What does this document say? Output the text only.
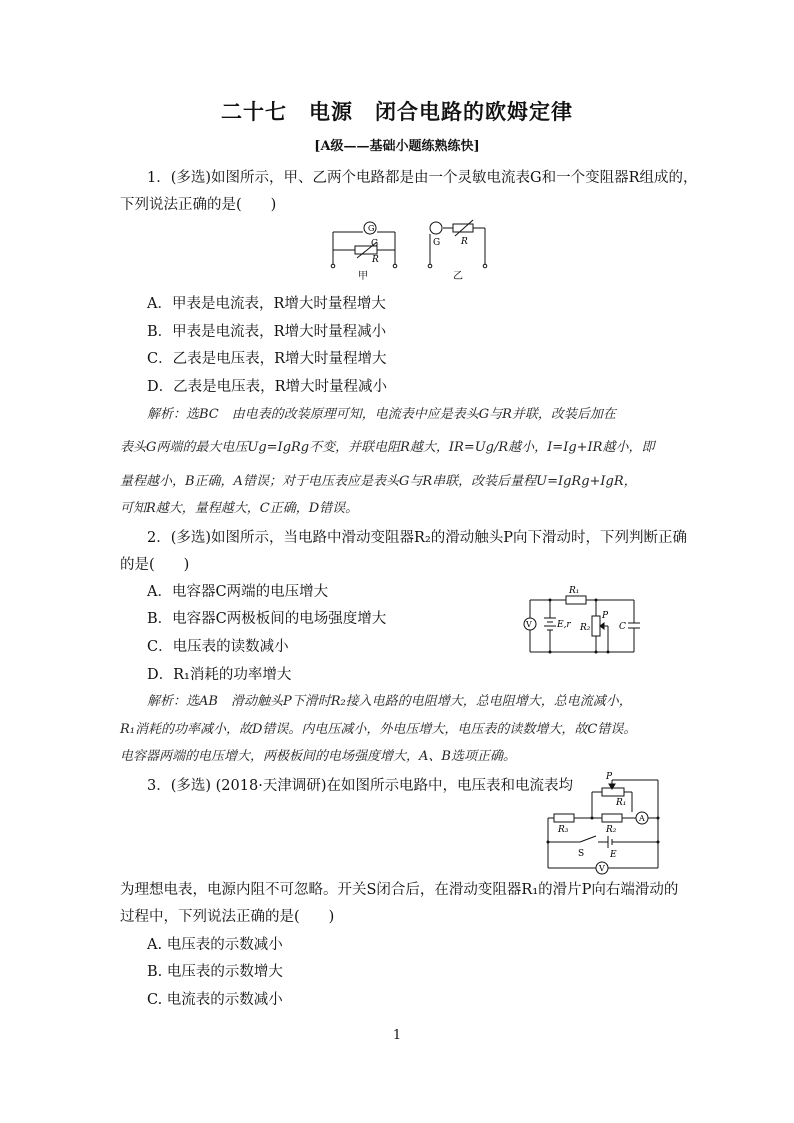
二十七　电源　闭合电路的欧姆定律
[A级——基础小题练熟练快]
1．(多选)如图所示，甲、乙两个电路都是由一个灵敏电流表G和一个变阻器R组成的，
下列说法正确的是(　　)
G
G
R
甲
G R
乙
A．甲表是电流表，R增大时量程增大
B．甲表是电流表，R增大时量程减小
C．乙表是电压表，R增大时量程增大
D．乙表是电压表，R增大时量程减小
解析：选BC　由电表的改装原理可知，电流表中应是表头G与R并联，改装后加在
表头G两端的最大电压Ug=IgRg不变，并联电阻R越大，IR=Ug/R越小，I=Ig+IR越小，即
量程越小，B正确，A错误；对于电压表应是表头G与R串联，改装后量程U=IgRg+IgR，
可知R越大，量程越大，C正确，D错误。
2．(多选)如图所示，当电路中滑动变阻器R₂的滑动触头P向下滑动时，下列判断正确
的是(　　)
A．电容器C两端的电压增大
B．电容器C两极板间的电场强度增大
C．电压表的读数减小
D．R₁消耗的功率增大
R₁
V	E,r R₂
P
C
解析：选AB　滑动触头P下滑时R₂接入电路的电阻增大，总电阻增大，总电流减小，
R₁消耗的功率减小，故D错误。内电压减小，外电压增大，电压表的读数增大，故C错误。
电容器两端的电压增大，两极板间的电场强度增大，A、B选项正确。
3．(多选) (2018·天津调研)在如图所示电路中，电压表和电流表均
P
R₁
A
R₃	R₂
S	E
V
为理想电表，电源内阻不可忽略。开关S闭合后，在滑动变阻器R₁的滑片P向右端滑动的
过程中，下列说法正确的是(　　)
A. 电压表的示数减小
B. 电压表的示数增大
C. 电流表的示数减小
1
